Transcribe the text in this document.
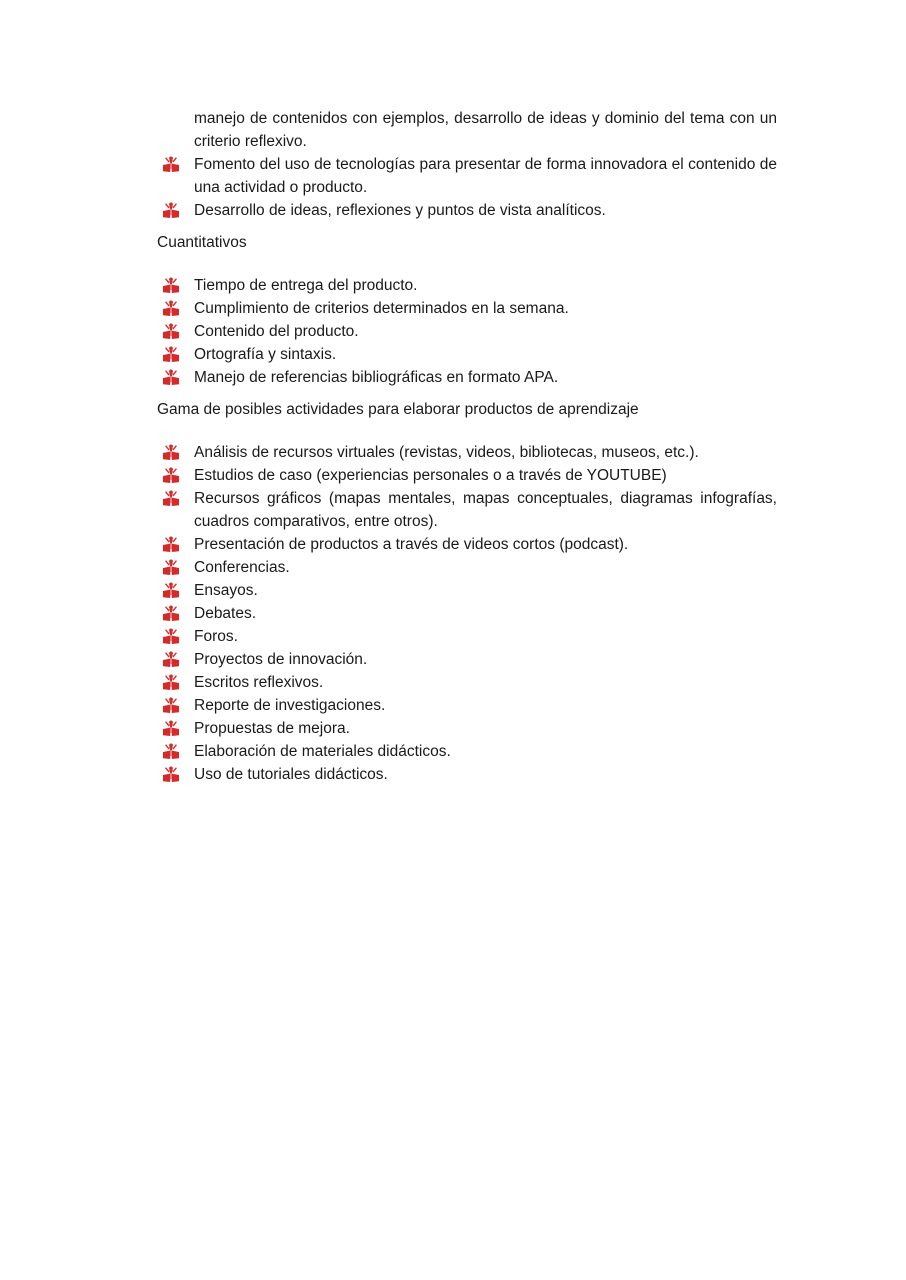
manejo de contenidos con ejemplos, desarrollo de ideas y dominio del tema con un criterio reflexivo.
Fomento del uso de tecnologías para presentar de forma innovadora el contenido de una actividad o producto.
Desarrollo de ideas, reflexiones y puntos de vista analíticos.
Cuantitativos
Tiempo de entrega del producto.
Cumplimiento de criterios determinados en la semana.
Contenido del producto.
Ortografía y sintaxis.
Manejo de referencias bibliográficas en formato APA.
Gama de posibles actividades para elaborar productos de aprendizaje
Análisis de recursos virtuales (revistas, videos, bibliotecas, museos, etc.).
Estudios de caso (experiencias personales o a través de YOUTUBE)
Recursos gráficos (mapas mentales, mapas conceptuales, diagramas infografías, cuadros comparativos, entre otros).
Presentación de productos a través de videos cortos (podcast).
Conferencias.
Ensayos.
Debates.
Foros.
Proyectos de innovación.
Escritos reflexivos.
Reporte de investigaciones.
Propuestas de mejora.
Elaboración de materiales didácticos.
Uso de tutoriales didácticos.
